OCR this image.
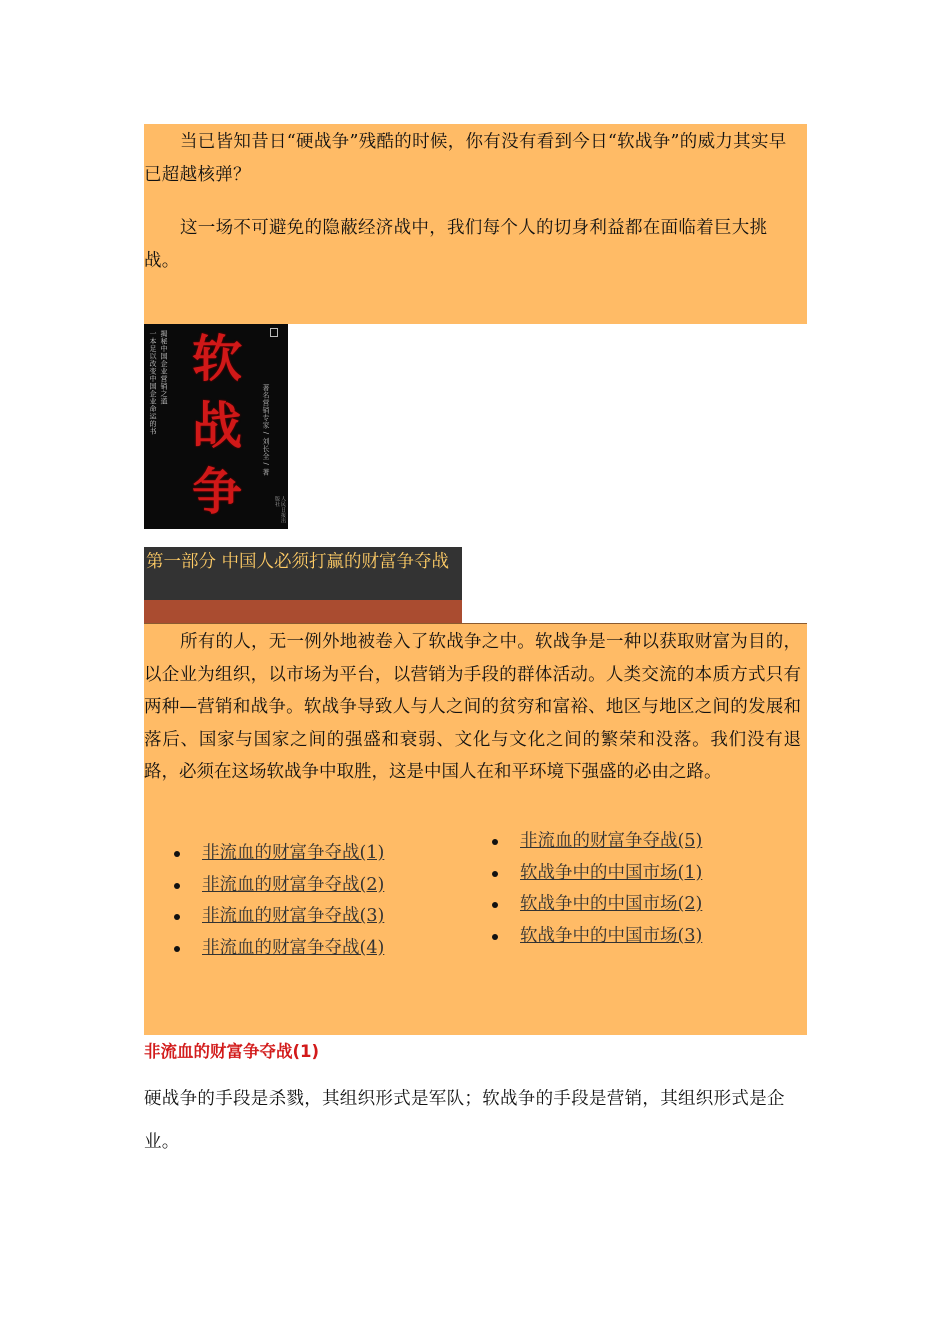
当已皆知昔日“硬战争”残酷的时候，你有没有看到今日“软战争”的威力其实早已超越核弹？

这一场不可避免的隐蔽经济战中，我们每个人的切身利益都在面临着巨大挑战。

一本足以改变中国企业命运的书 揭秘中国企业营销之道 软
战
争
著名营销专家 / 刘长全 / 著
人民日报出版社
第一部分 中国人必须打赢的财富争夺战

所有的人，无一例外地被卷入了软战争之中。软战争是一种以获取财富为目的，以企业为组织，以市场为平台，以营销为手段的群体活动。人类交流的本质方式只有两种—营销和战争。软战争导致人与人之间的贫穷和富裕、地区与地区之间的发展和落后、国家与国家之间的强盛和衰弱、文化与文化之间的繁荣和没落。我们没有退路，必须在这场软战争中取胜，这是中国人在和平环境下强盛的必由之路。

非流血的财富争夺战(1)
非流血的财富争夺战(2)
非流血的财富争夺战(3)
非流血的财富争夺战(4)
非流血的财富争夺战(5)
软战争中的中国市场(1)
软战争中的中国市场(2)
软战争中的中国市场(3)
非流血的财富争夺战(1)

硬战争的手段是杀戮，其组织形式是军队；软战争的手段是营销，其组织形式是企业。
